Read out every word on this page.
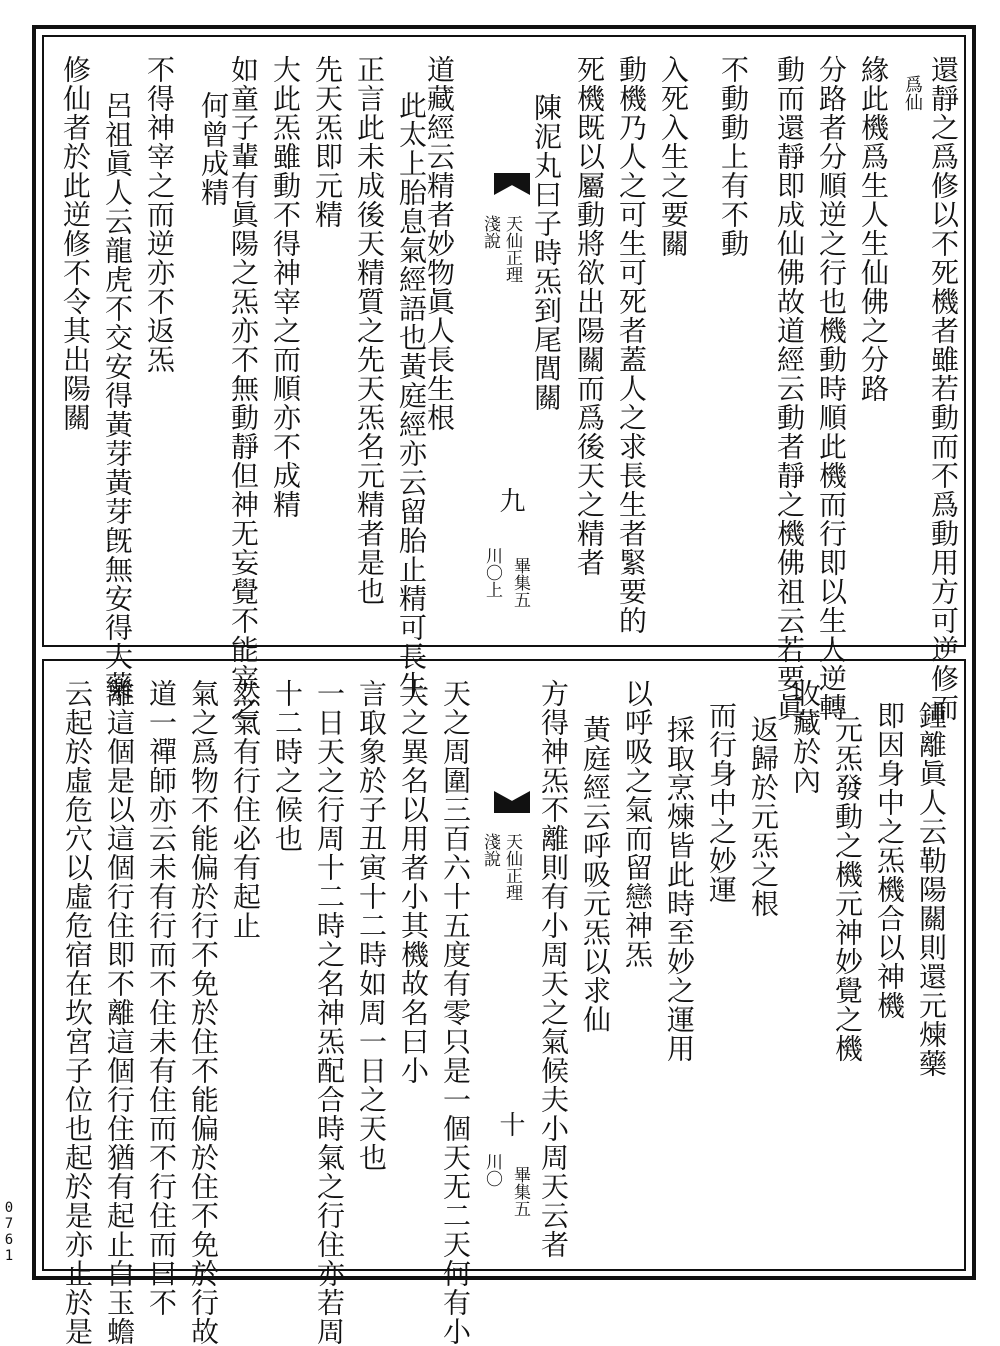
0761
還靜之爲修以不死機者雖若動而不爲動用方可逆修而
爲仙
緣此機爲生人生仙佛之分路
分路者分順逆之行也機動時順此機而行即以生人逆轉
動而還靜即成仙佛故道經云動者靜之機佛祖云若要眞
不動動上有不動
入死入生之要關
動機乃人之可生可死者蓋人之求長生者緊要的
死機既以屬動將欲出陽關而爲後天之精者
陳泥丸曰子時炁到尾閭關
天仙正理
淺說
九
川〇上 畢集五
道藏經云精者妙物眞人長生根
此太上胎息氣經語也黃庭經亦云留胎止精可長生
正言此未成後天精質之先天炁名元精者是也
先天炁即元精
大此炁雖動不得神宰之而順亦不成精
如童子輩有眞陽之炁亦不無動靜但神无妄覺不能宰之
何曾成精
不得神宰之而逆亦不返炁
呂祖眞人云龍虎不交安得黃芽黃芽旣無安得大藥
修仙者於此逆修不令其出陽關
鍾離眞人云勒陽關則還元煉藥
即因身中之炁機合以神機
元炁發動之機元神妙覺之機
收藏於內
返歸於元炁之根
而行身中之妙運
採取烹煉皆此時至妙之運用
以呼吸之氣而留戀神炁
黃庭經云呼吸元炁以求仙
方得神炁不離則有小周天之氣候夫小周天云者
天仙正理
淺說
十
川〇 畢集五
天之周圍三百六十五度有零只是一個天无二天何有小
大之異名以用者小其機故名曰小
言取象於子丑寅十二時如周一日之天也
一日天之行周十二時之名神炁配合時氣之行住亦若周
十二時之候也
然氣有行住必有起止
氣之爲物不能偏於行不免於住不能偏於住不免於行故
道一禪師亦云未有行而不住未有住而不行住而曰不
離這個是以這個行住即不離這個行住猶有起止白玉蟾
云起於虛危穴以虛危宿在坎宮子位也起於是亦止於是
